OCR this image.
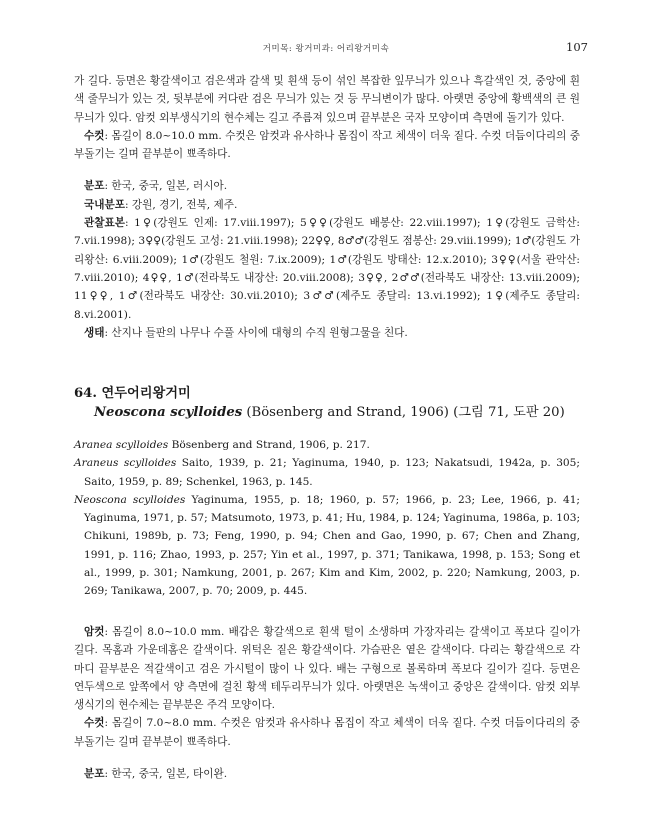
거미목: 왕거미과: 어리왕거미속	107

가 길다. 등면은 황갈색이고 검은색과 갈색 및 흰색 등이 섞인 복잡한 잎무늬가 있으나 흑갈색인 것, 중앙에 흰색 줄무늬가 있는 것, 뒷부분에 커다란 검은 무늬가 있는 것 등 무늬변이가 많다. 아랫면 중앙에 황백색의 큰 원무늬가 있다. 암컷 외부생식기의 현수체는 길고 주름져 있으며 끝부분은 국자 모양이며 측면에 돌기가 있다.

수컷: 몸길이 8.0~10.0 mm. 수컷은 암컷과 유사하나 몸집이 작고 체색이 더욱 짙다. 수컷 더듬이다리의 중부돌기는 길며 끝부분이 뾰족하다.

분포: 한국, 중국, 일본, 러시아.

국내분포: 강원, 경기, 전북, 제주.

관찰표본: 1♀(강원도 인제: 17.viii.1997); 5♀♀(강원도 배봉산: 22.viii.1997); 1♀(강원도 금학산: 7.vii.1998); 3♀♀(강원도 고성: 21.viii.1998); 22♀♀, 8♂♂(강원도 점봉산: 29.viii.1999); 1♂(강원도 가리왕산: 6.viii.2009); 1♂(강원도 철원: 7.ix.2009); 1♂(강원도 방태산: 12.x.2010); 3♀♀(서울 관악산: 7.viii.2010); 4♀♀, 1♂(전라북도 내장산: 20.viii.2008); 3♀♀, 2♂♂(전라북도 내장산: 13.viii.2009); 11♀♀, 1♂(전라북도 내장산: 30.vii.2010); 3♂♂(제주도 종달리: 13.vi.1992); 1♀(제주도 종달리: 8.vi.2001).

생태: 산지나 들판의 나무나 수풀 사이에 대형의 수직 원형그물을 친다.

64. 연두어리왕거미

Neoscona scylloides (Bösenberg and Strand, 1906) (그림 71, 도판 20)

Aranea scylloides Bösenberg and Strand, 1906, p. 217.

Araneus scylloides Saito, 1939, p. 21; Yaginuma, 1940, p. 123; Nakatsudi, 1942a, p. 305; Saito, 1959, p. 89; Schenkel, 1963, p. 145.

Neoscona scylloides Yaginuma, 1955, p. 18; 1960, p. 57; 1966, p. 23; Lee, 1966, p. 41; Yaginuma, 1971, p. 57; Matsumoto, 1973, p. 41; Hu, 1984, p. 124; Yaginuma, 1986a, p. 103; Chikuni, 1989b, p. 73; Feng, 1990, p. 94; Chen and Gao, 1990, p. 67; Chen and Zhang, 1991, p. 116; Zhao, 1993, p. 257; Yin et al., 1997, p. 371; Tanikawa, 1998, p. 153; Song et al., 1999, p. 301; Namkung, 2001, p. 267; Kim and Kim, 2002, p. 220; Namkung, 2003, p. 269; Tanikawa, 2007, p. 70; 2009, p. 445.

암컷: 몸길이 8.0~10.0 mm. 배갑은 황갈색으로 흰색 털이 소생하며 가장자리는 갈색이고 폭보다 길이가 길다. 목홈과 가운데홈은 갈색이다. 위턱은 짙은 황갈색이다. 가슴판은 옅은 갈색이다. 다리는 황갈색으로 각 마디 끝부분은 적갈색이고 검은 가시털이 많이 나 있다. 배는 구형으로 볼록하며 폭보다 길이가 길다. 등면은 연두색으로 앞쪽에서 양 측면에 걸친 황색 테두리무늬가 있다. 아랫면은 녹색이고 중앙은 갈색이다. 암컷 외부생식기의 현수체는 끝부분은 주걱 모양이다.

수컷: 몸길이 7.0~8.0 mm. 수컷은 암컷과 유사하나 몸집이 작고 체색이 더욱 짙다. 수컷 더듬이다리의 중부돌기는 길며 끝부분이 뾰족하다.

분포: 한국, 중국, 일본, 타이완.
